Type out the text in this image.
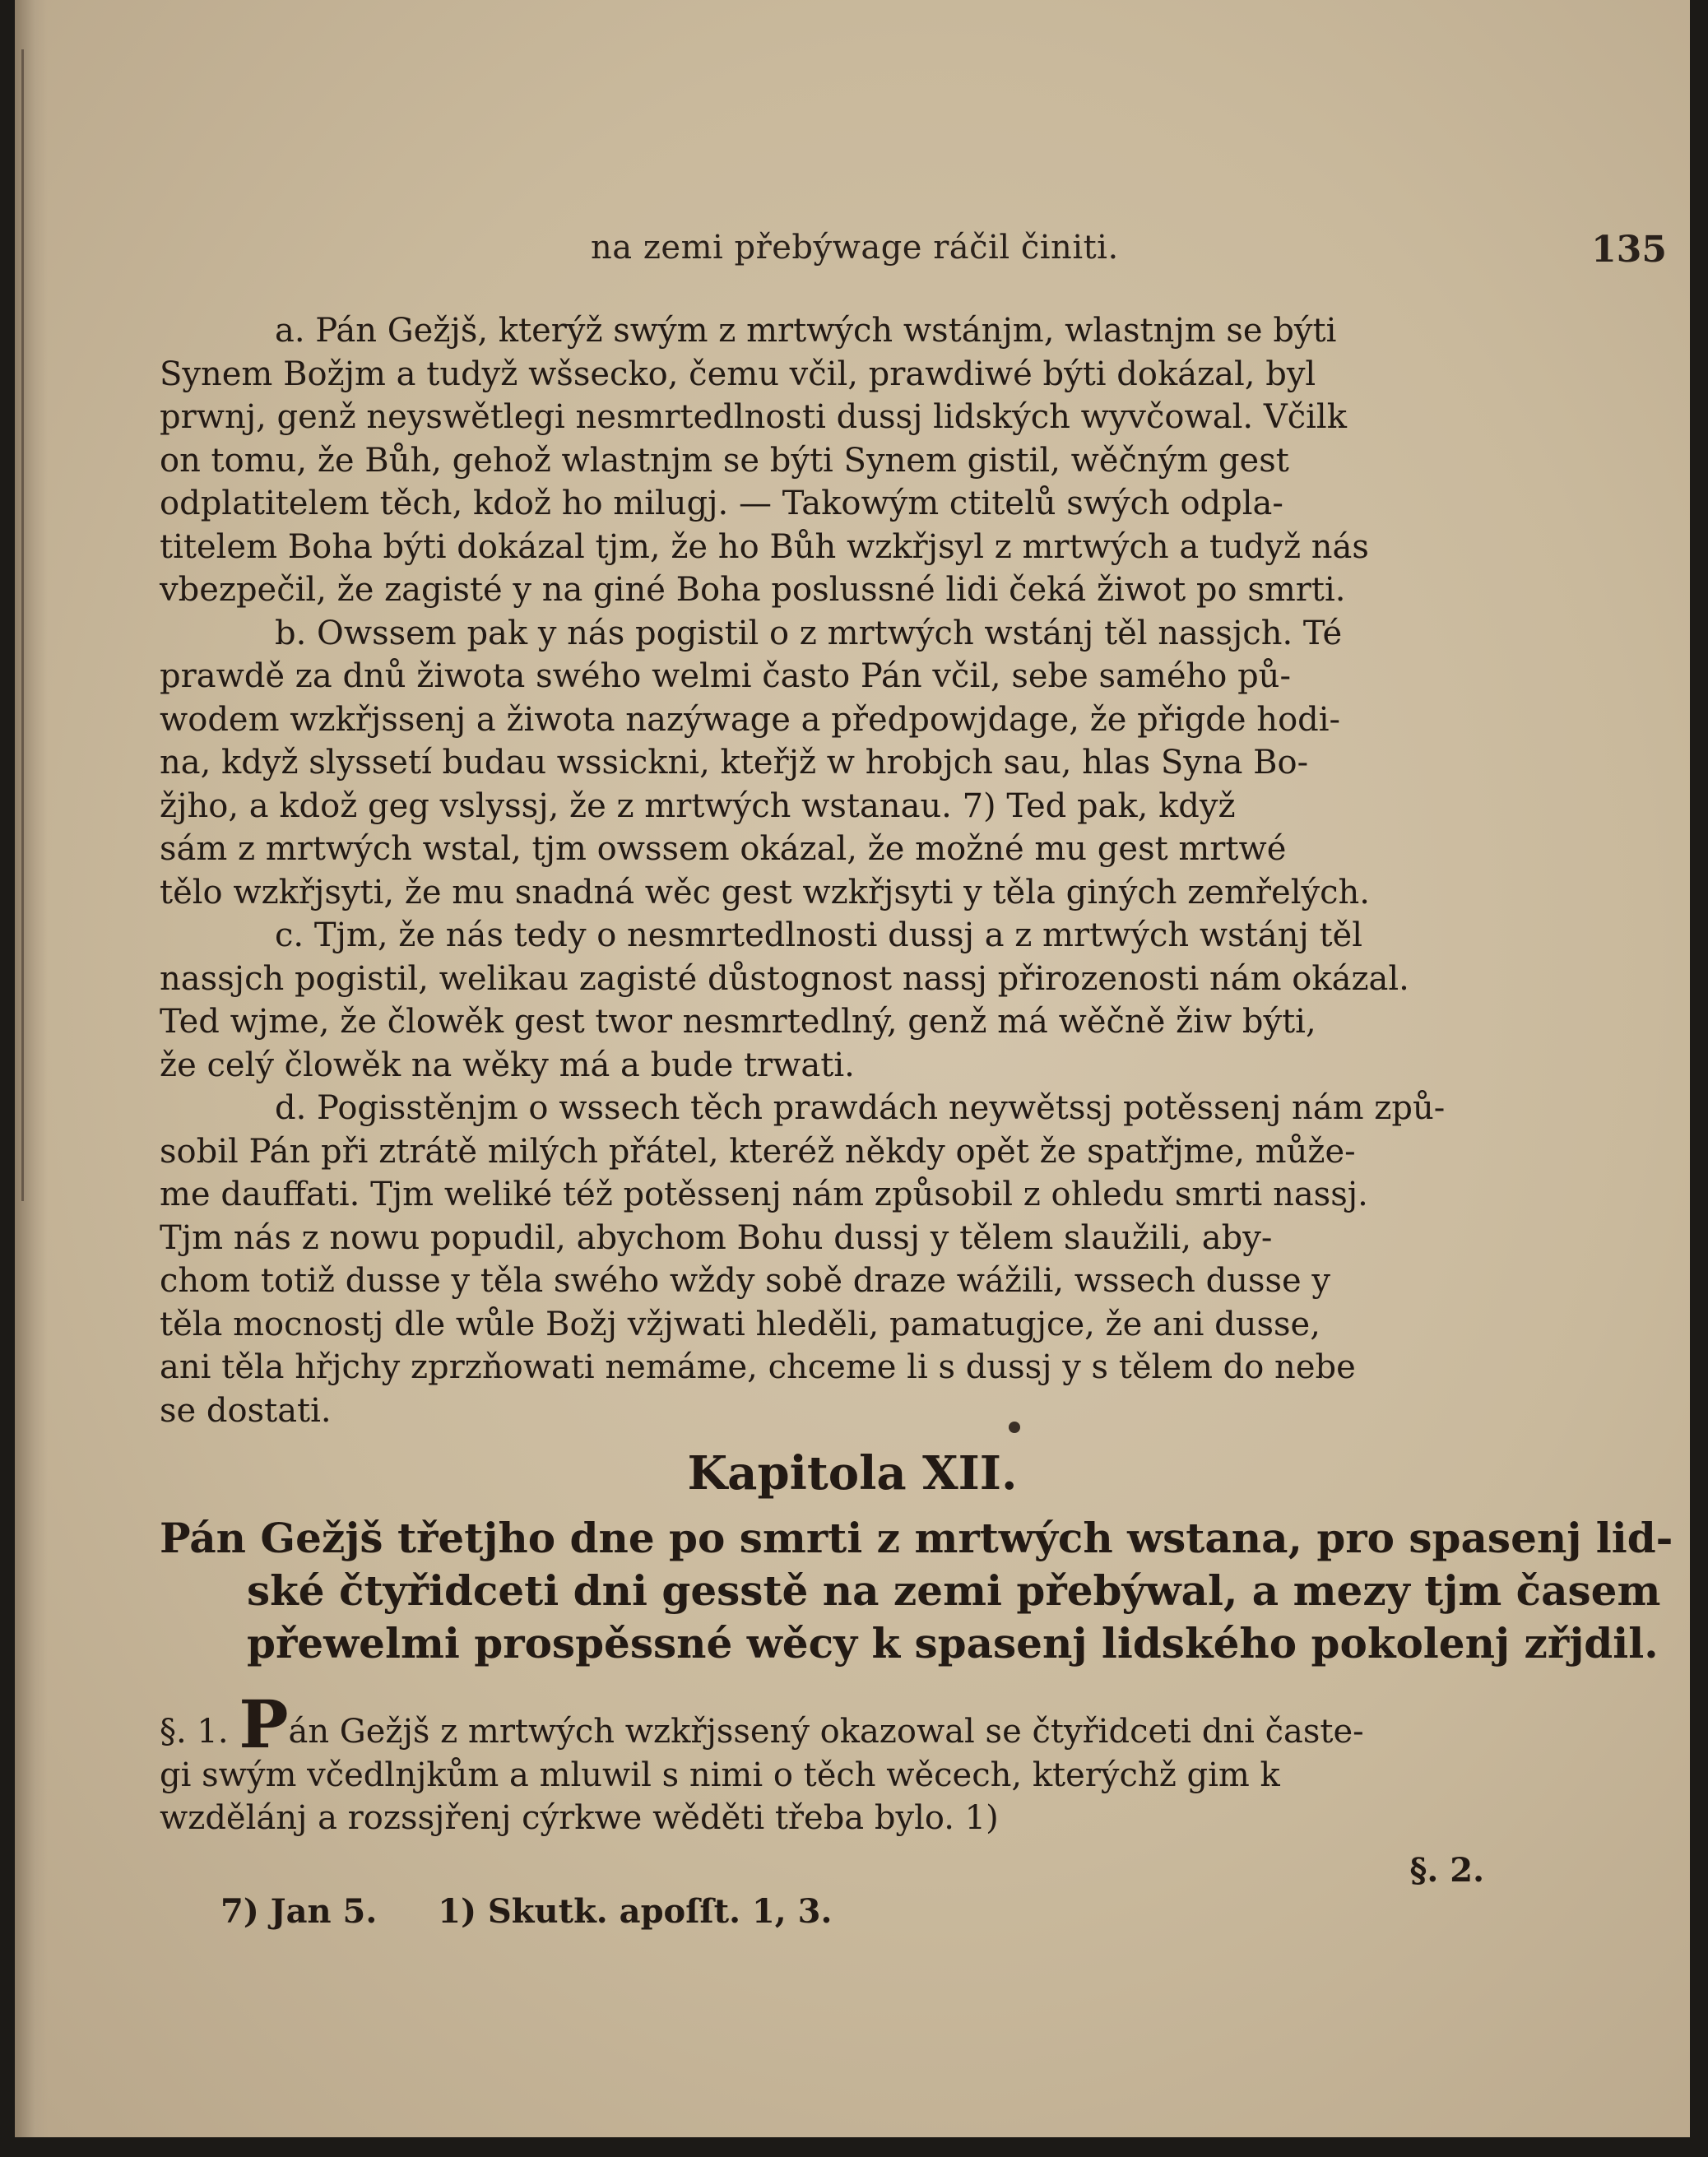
na zemi přebýwage ráčil činiti.	135

a. Pán Gežjš, kterýž swým z mrtwých wstánjm, wlastnjm se býti
Synem Božjm a tudyž wšsecko, čemu včil, prawdiwé býti dokázal, byl
prwnj, genž neyswětlegi nesmrtedlnosti dussj lidských wyvčowal. Včilk
on tomu, že Bůh, gehož wlastnjm se býti Synem gistil, wěčným gest
odplatitelem těch, kdož ho milugj. — Takowým ctitelů swých odpla-
titelem Boha býti dokázal tjm, že ho Bůh wzkřjsyl z mrtwých a tudyž nás
vbezpečil, že zagisté y na giné Boha poslussné lidi čeká žiwot po smrti.

b. Owssem pak y nás pogistil o z mrtwých wstánj těl nassjch. Té
prawdě za dnů žiwota swého welmi často Pán včil, sebe samého pů-
wodem wzkřjssenj a žiwota nazýwage a předpowjdage, že přigde hodi-
na, když slyssetí budau wssickni, kteřjž w hrobjch sau, hlas Syna Bo-
žjho, a kdož geg vslyssj, že z mrtwých wstanau. 7) Ted pak, když
sám z mrtwých wstal, tjm owssem okázal, že možné mu gest mrtwé
tělo wzkřjsyti, že mu snadná wěc gest wzkřjsyti y těla giných zemřelých.

c. Tjm, že nás tedy o nesmrtedlnosti dussj a z mrtwých wstánj těl
nassjch pogistil, welikau zagisté důstognost nassj přirozenosti nám okázal.
Ted wjme, že člowěk gest twor nesmrtedlný, genž má wěčně žiw býti,
že celý člowěk na wěky má a bude trwati.

d. Pogisstěnjm o wssech těch prawdách neywětssj potěssenj nám způ-
sobil Pán při ztrátě milých přátel, kteréž někdy opět že spatřjme, může-
me dauffati. Tjm weliké též potěssenj nám způsobil z ohledu smrti nassj.
Tjm nás z nowu popudil, abychom Bohu dussj y tělem slaužili, aby-
chom totiž dusse y těla swého wždy sobě draze wážili, wssech dusse y
těla mocnostj dle wůle Božj vžjwati hleděli, pamatugjce, že ani dusse,
ani těla hřjchy zprzňowati nemáme, chceme li s dussj y s tělem do nebe
se dostati.

Kapitola XII.
Pán Gežjš třetjho dne po smrti z mrtwých wstana, pro spasenj lid-
ské čtyřidceti dni gesstě na zemi přebýwal, a mezy tjm časem
přewelmi prospěssné wěcy k spasenj lidského pokolenj zřjdil.
§. 1. Pán Gežjš z mrtwých wzkřjssený okazowal se čtyřidceti dni časte-
gi swým včedlnjkům a mluwil s nimi o těch wěcech, kterýchž gim k
wzdělánj a rozssjřenj cýrkwe wěděti třeba bylo. 1)
§. 2.
7) Jan 5. 1) Skutk. apoſſt. 1, 3.
